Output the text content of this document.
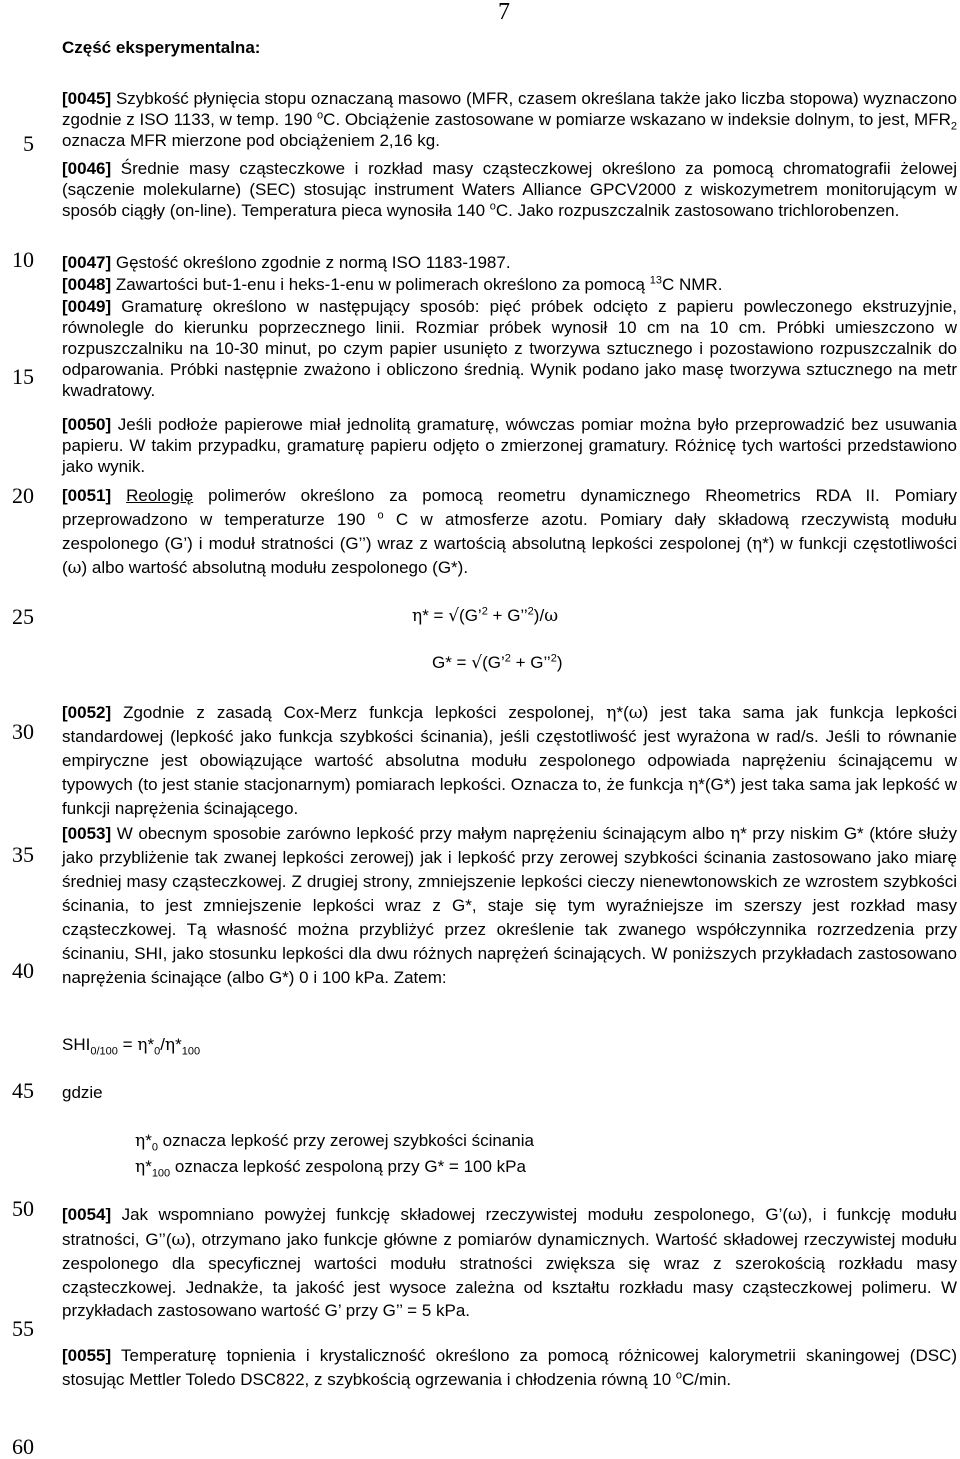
7
5
10
15
20
25
30
35
40
45
50
55
60
Część eksperymentalna:
[0045] Szybkość płynięcia stopu oznaczaną masowo (MFR, czasem określana także jako liczba stopowa) wyznaczono zgodnie z ISO 1133, w temp. 190 $^o$C. Obciążenie zastosowane w pomiarze wskazano w indeksie dolnym, to jest, $MFR_2$ oznacza MFR mierzone pod obciążeniem 2,16 kg.
[0046] Średnie masy cząsteczkowe i rozkład masy cząsteczkowej określono za pomocą chromatografii żelowej (sączenie molekularne) (SEC) stosując instrument Waters Alliance GPCV2000 z wiskozymetrem monitorującym w sposób ciągły (on-line). Temperatura pieca wynosiła 140 $^o$C. Jako rozpuszczalnik zastosowano trichlorobenzen.
[0047] Gęstość określono zgodnie z normą ISO 1183-1987.
[0048] Zawartości but-1-enu i heks-1-enu w polimerach określono za pomocą $^{13}$C NMR.
[0049] Gramaturę określono w następujący sposób: pięć próbek odcięto z papieru powleczonego ekstruzyjnie, równolegle do kierunku poprzecznego linii. Rozmiar próbek wynosił 10 cm na 10 cm. Próbki umieszczono w rozpuszczalniku na 10-30 minut, po czym papier usunięto z tworzywa sztucznego i pozostawiono rozpuszczalnik do odparowania. Próbki następnie zważono i obliczono średnią. Wynik podano jako masę tworzywa sztucznego na metr kwadratowy.
[0050] Jeśli podłoże papierowe miał jednolitą gramaturę, wówczas pomiar można było przeprowadzić bez usuwania papieru. W takim przypadku, gramaturę papieru odjęto o zmierzonej gramatury. Różnicę tych wartości przedstawiono jako wynik.
[0051] Reologię polimerów określono za pomocą reometru dynamicznego Rheometrics RDA II. Pomiary przeprowadzono w temperaturze 190 $^o$ C w atmosferze azotu. Pomiary dały składową rzeczywistą modułu zespolonego (G’) i moduł stratności (G’’) wraz z wartością absolutną lepkości zespolonej (η*) w funkcji częstotliwości (ω) albo wartość absolutną modułu zespolonego (G*).
η* = √(G’$^2$ + G’’$^2$)/ω
G* = √(G’$^2$ + G’’$^2$)
[0052] Zgodnie z zasadą Cox-Merz funkcja lepkości zespolonej, η*(ω) jest taka sama jak funkcja lepkości standardowej (lepkość jako funkcja szybkości ścinania), jeśli częstotliwość jest wyrażona w rad/s. Jeśli to równanie empiryczne jest obowiązujące wartość absolutna modułu zespolonego odpowiada naprężeniu ścinającemu w typowych (to jest stanie stacjonarnym) pomiarach lepkości. Oznacza to, że funkcja η*(G*) jest taka sama jak lepkość w funkcji naprężenia ścinającego.
[0053] W obecnym sposobie zarówno lepkość przy małym naprężeniu ścinającym albo η* przy niskim G* (które służy jako przybliżenie tak zwanej lepkości zerowej) jak i lepkość przy zerowej szybkości ścinania zastosowano jako miarę średniej masy cząsteczkowej. Z drugiej strony, zmniejszenie lepkości cieczy nienewtonowskich ze wzrostem szybkości ścinania, to jest zmniejszenie lepkości wraz z G*, staje się tym wyraźniejsze im szerszy jest rozkład masy cząsteczkowej. Tą własność można przybliżyć przez określenie tak zwanego współczynnika rozrzedzenia przy ścinaniu, SHI, jako stosunku lepkości dla dwu różnych naprężeń ścinających. W poniższych przykładach zastosowano naprężenia ścinające (albo G*) 0 i 100 kPa. Zatem:
$SHI_{0/100} = \eta*_0/\eta*_{100}$
gdzie
$\eta*_0$ oznacza lepkość przy zerowej szybkości ścinania
$\eta*_{100}$ oznacza lepkość zespoloną przy G* = 100 kPa
[0054] Jak wspomniano powyżej funkcję składowej rzeczywistej modułu zespolonego, G’(ω), i funkcję modułu stratności, G’’(ω), otrzymano jako funkcje główne z pomiarów dynamicznych. Wartość składowej rzeczywistej modułu zespolonego dla specyficznej wartości modułu stratności zwiększa się wraz z szerokością rozkładu masy cząsteczkowej. Jednakże, ta jakość jest wysoce zależna od kształtu rozkładu masy cząsteczkowej polimeru. W przykładach zastosowano wartość G’ przy G’’ = 5 kPa.
[0055] Temperaturę topnienia i krystaliczność określono za pomocą różnicowej kalorymetrii skaningowej (DSC) stosując Mettler Toledo DSC822, z szybkością ogrzewania i chłodzenia równą 10 $^o$C/min.
